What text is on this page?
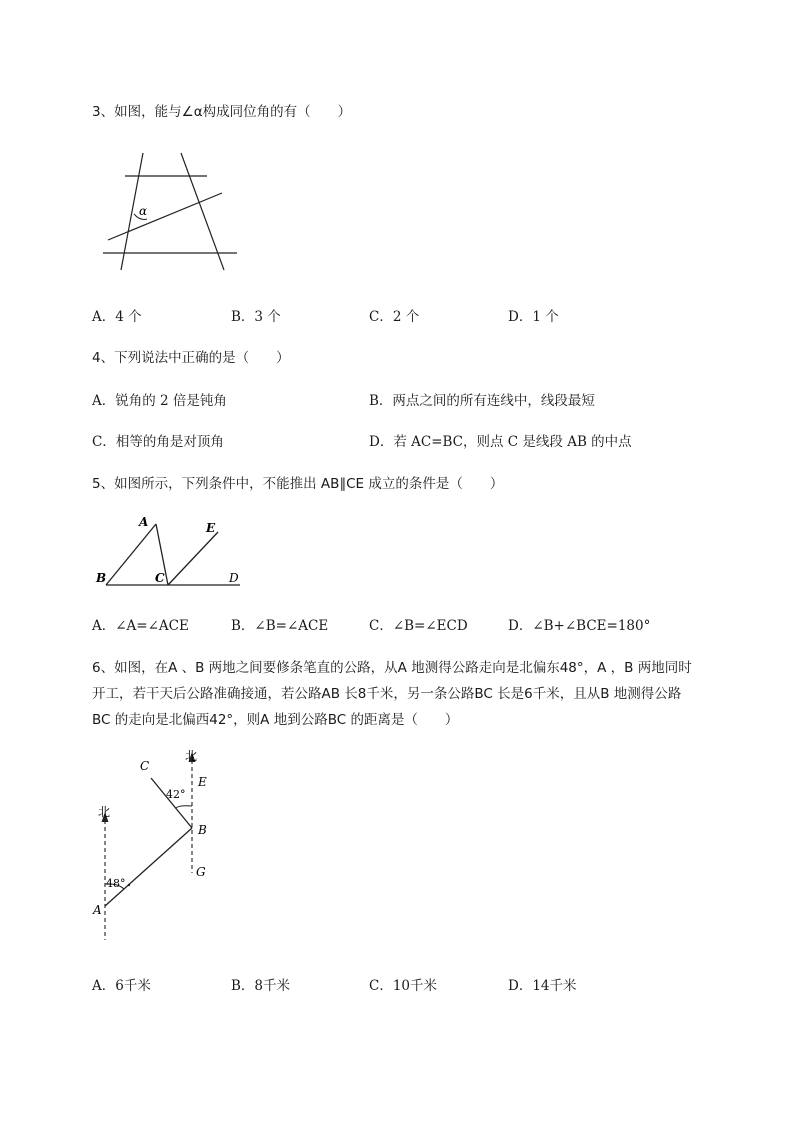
3、如图，能与∠α构成同位角的有（　　）
α
A．4 个	B．3 个	C．2 个	D．1 个
4、下列说法中正确的是（　　）
A．锐角的 2 倍是钝角	B．两点之间的所有连线中，线段最短
C．相等的角是对顶角	D．若 AC=BC，则点 C 是线段 AB 的中点
5、如图所示，下列条件中，不能推出 AB∥CE 成立的条件是（　　）
A	E
B	C	D
A．∠A=∠ACE	B．∠B=∠ACE	C．∠B=∠ECD	D．∠B+∠BCE=180°
6、如图，在A 、B 两地之间要修条笔直的公路，从A 地测得公路走向是北偏东48°，A ，B 两地同时
开工，若干天后公路准确接通，若公路AB 长8千米，另一条公路BC 长是6千米，且从B 地测得公路
BC 的走向是北偏西42°，则A 地到公路BC 的距离是（　　）
北
北
C
E
B
G
A
42°
48°
A．6千米	B．8千米	C．10千米	D．14千米
